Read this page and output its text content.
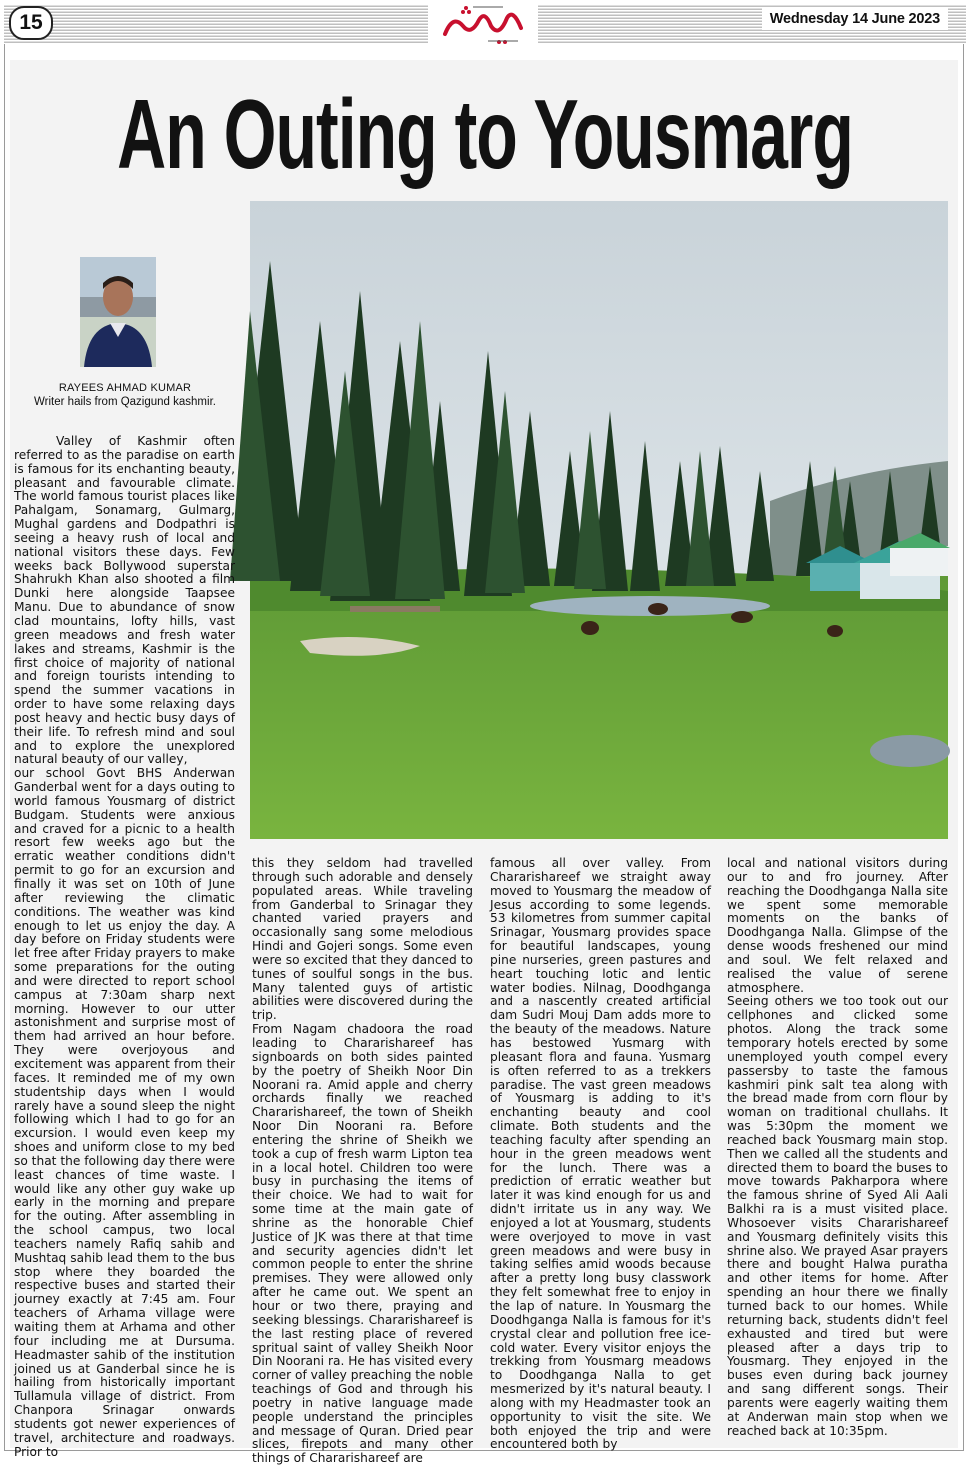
15	Wednesday 14 June 2023
An Outing to Yousmarg
RAYEES AHMAD KUMAR
Writer hails from Qazigund kashmir.

Valley of Kashmir often referred to as the paradise on earth is famous for its enchanting beauty, pleasant and favourable climate. The world famous tourist places like Pahalgam, Sonamarg, Gulmarg, Mughal gardens and Dodpathri is seeing a heavy rush of local and national visitors these days. Few weeks back Bollywood superstar Shahrukh Khan also shooted a film Dunki here alongside Taapsee Manu. Due to abundance of snow clad mountains, lofty hills, vast green meadows and fresh water lakes and streams, Kashmir is the first choice of majority of national and foreign tourists intending to spend the summer vacations in order to have some relaxing days post heavy and hectic busy days of their life. To refresh mind and soul and to explore the unexplored natural beauty of our valley,

our school Govt BHS Anderwan Ganderbal went for a days outing to world famous Yousmarg of district Budgam. Students were anxious and craved for a picnic to a health resort few weeks ago but the erratic weather conditions didn't permit to go for an excursion and finally it was set on 10th of June after reviewing the climatic conditions. The weather was kind enough to let us enjoy the day. A day before on Friday students were let free after Friday prayers to make some preparations for the outing and were directed to report school campus at 7:30am sharp next morning. However to our utter astonishment and surprise most of them had arrived an hour before. They were overjoyous and excitement was apparent from their faces. It reminded me of my own studentship days when I would rarely have a sound sleep the night following which I had to go for an excursion. I would even keep my shoes and uniform close to my bed so that the following day there were least chances of time waste. I would like any other guy wake up early in the morning and prepare for the outing. After assembling in the school campus, two local teachers namely Rafiq sahib and Mushtaq sahib lead them to the bus stop where they boarded the respective buses and started their journey exactly at 7:45 am. Four teachers of Arhama village were waiting them at Arhama and other four including me at Dursuma. Headmaster sahib of the institution joined us at Ganderbal since he is hailing from historically important Tullamula village of district. From Chanpora Srinagar onwards students got newer experiences of travel, architecture and roadways. Prior to

this they seldom had travelled through such adorable and densely populated areas. While traveling from Ganderbal to Srinagar they chanted varied prayers and occasionally sang some melodious Hindi and Gojeri songs. Some even were so excited that they danced to tunes of soulful songs in the bus. Many talented guys of artistic abilities were discovered during the trip.

From Nagam chadoora the road leading to Chararishareef has signboards on both sides painted by the poetry of Sheikh Noor Din Noorani ra. Amid apple and cherry orchards finally we reached Chararishareef, the town of Sheikh Noor Din Noorani ra. Before entering the shrine of Sheikh we took a cup of fresh warm Lipton tea in a local hotel. Children too were busy in purchasing the items of their choice. We had to wait for some time at the main gate of shrine as the honorable Chief Justice of JK was there at that time and security agencies didn't let common people to enter the shrine premises. They were allowed only after he came out. We spent an hour or two there, praying and seeking blessings. Chararishareef is the last resting place of revered spritual saint of valley Sheikh Noor Din Noorani ra. He has visited every corner of valley preaching the noble teachings of God and through his poetry in native language made people understand the principles and message of Quran. Dried pear slices, firepots and many other things of Chararishareef are

famous all over valley. From Chararishareef we straight away moved to Yousmarg the meadow of Jesus according to some legends. 53 kilometres from summer capital Srinagar, Yousmarg provides space for beautiful landscapes, young pine nurseries, green pastures and heart touching lotic and lentic water bodies. Nilnag, Doodhganga and a nascently created artificial dam Sudri Mouj Dam adds more to the beauty of the meadows. Nature has bestowed Yusmarg with pleasant flora and fauna. Yusmarg is often referred to as a trekkers paradise. The vast green meadows of Yousmarg is adding to it's enchanting beauty and cool climate. Both students and the teaching faculty after spending an hour in the green meadows went for the lunch. There was a prediction of erratic weather but later it was kind enough for us and didn't irritate us in any way. We enjoyed a lot at Yousmarg, students were overjoyed to move in vast green meadows and were busy in taking selfies amid woods because after a pretty long busy classwork they felt somewhat free to enjoy in the lap of nature. In Yousmarg the Doodhganga Nalla is famous for it's crystal clear and pollution free ice-cold water. Every visitor enjoys the trekking from Yousmarg meadows to Doodhganga Nalla to get mesmerized by it's natural beauty. I along with my Headmaster took an opportunity to visit the site. We both enjoyed the trip and were encountered both by

local and national visitors during our to and fro journey. After reaching the Doodhganga Nalla site we spent some memorable moments on the banks of Doodhganga Nalla. Glimpse of the dense woods freshened our mind and soul. We felt relaxed and realised the value of serene atmosphere.

Seeing others we too took out our cellphones and clicked some photos. Along the track some temporary hotels erected by some unemployed youth compel every passersby to taste the famous kashmiri pink salt tea along with the bread made from corn flour by woman on traditional chullahs. It was 5:30pm the moment we reached back Yousmarg main stop. Then we called all the students and directed them to board the buses to move towards Pakharpora where the famous shrine of Syed Ali Aali Balkhi ra is a must visited place. Whosoever visits Chararishareef and Yousmarg definitely visits this shrine also. We prayed Asar prayers there and bought Halwa puratha and other items for home. After spending an hour there we finally turned back to our homes. While returning back, students didn't feel exhausted and tired but were pleased after a days trip to Yousmarg. They enjoyed in the buses even during back journey and sang different songs. Their parents were eagerly waiting them at Anderwan main stop when we reached back at 10:35pm.
